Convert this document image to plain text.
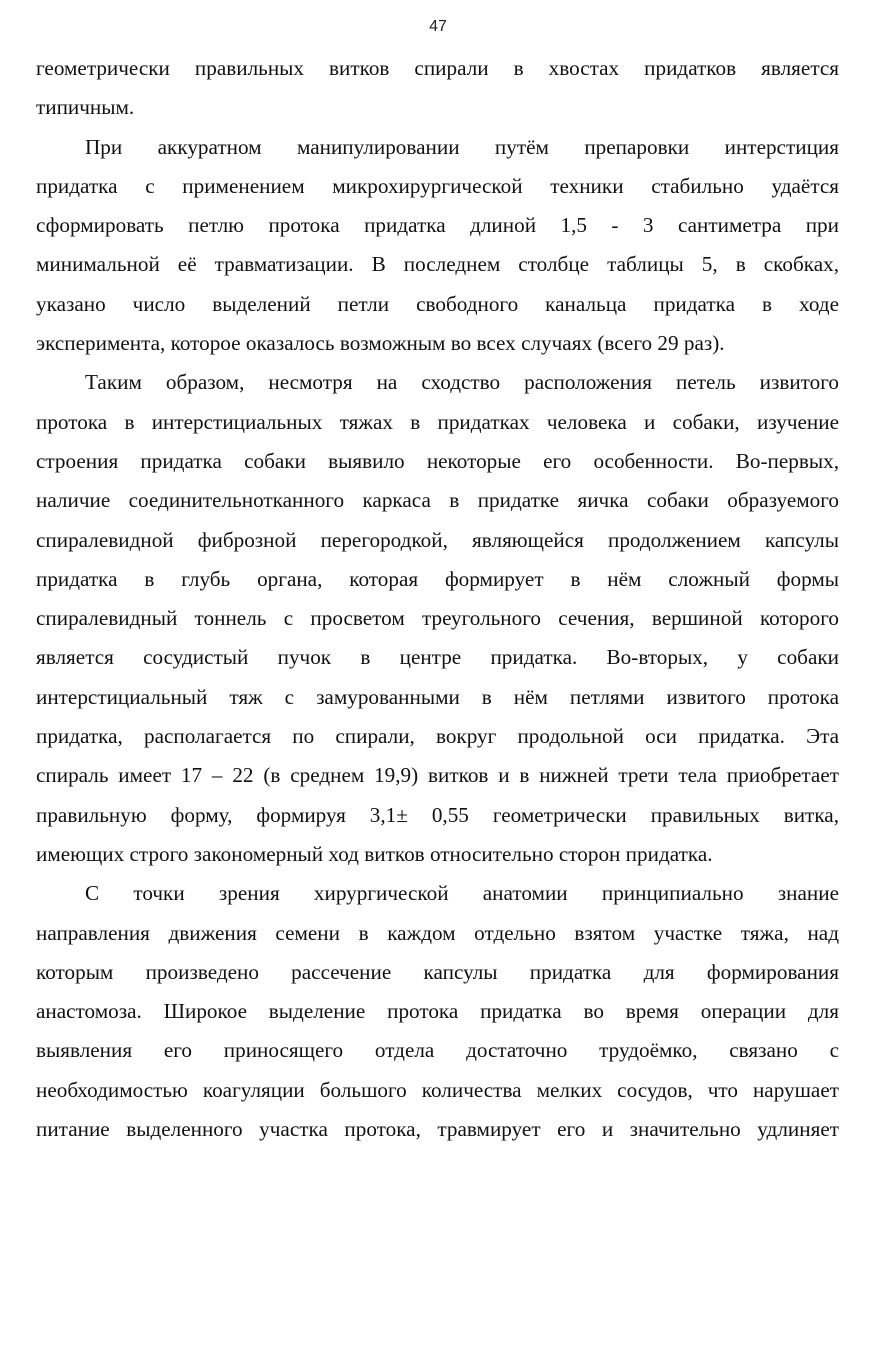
47
геометрически правильных витков спирали в хвостах придатков является
типичным.
При аккуратном манипулировании путём препаровки интерстиция
придатка с применением микрохирургической техники стабильно удаётся
сформировать петлю протока придатка длиной 1,5 - 3 сантиметра при
минимальной её травматизации. В последнем столбце таблицы 5, в скобках,
указано число выделений петли свободного канальца придатка в ходе
эксперимента, которое оказалось возможным во всех случаях (всего 29 раз).
Таким образом, несмотря на сходство расположения петель извитого
протока в интерстициальных тяжах в придатках человека и собаки, изучение
строения придатка собаки выявило некоторые его особенности. Во-первых,
наличие соединительнотканного каркаса в придатке яичка собаки образуемого
спиралевидной фиброзной перегородкой, являющейся продолжением капсулы
придатка в глубь органа, которая формирует в нём сложный формы
спиралевидный тоннель с просветом треугольного сечения, вершиной которого
является сосудистый пучок в центре придатка. Во-вторых, у собаки
интерстициальный тяж с замурованными в нём петлями извитого протока
придатка, располагается по спирали, вокруг продольной оси придатка. Эта
спираль имеет 17 – 22 (в среднем 19,9) витков и в нижней трети тела приобретает
правильную форму, формируя 3,1± 0,55 геометрически правильных витка,
имеющих строго закономерный ход витков относительно сторон придатка.
С точки зрения хирургической анатомии принципиально знание
направления движения семени в каждом отдельно взятом участке тяжа, над
которым произведено рассечение капсулы придатка для формирования
анастомоза. Широкое выделение протока придатка во время операции для
выявления его приносящего отдела достаточно трудоёмко, связано с
необходимостью коагуляции большого количества мелких сосудов, что нарушает
питание выделенного участка протока, травмирует его и значительно удлиняет
